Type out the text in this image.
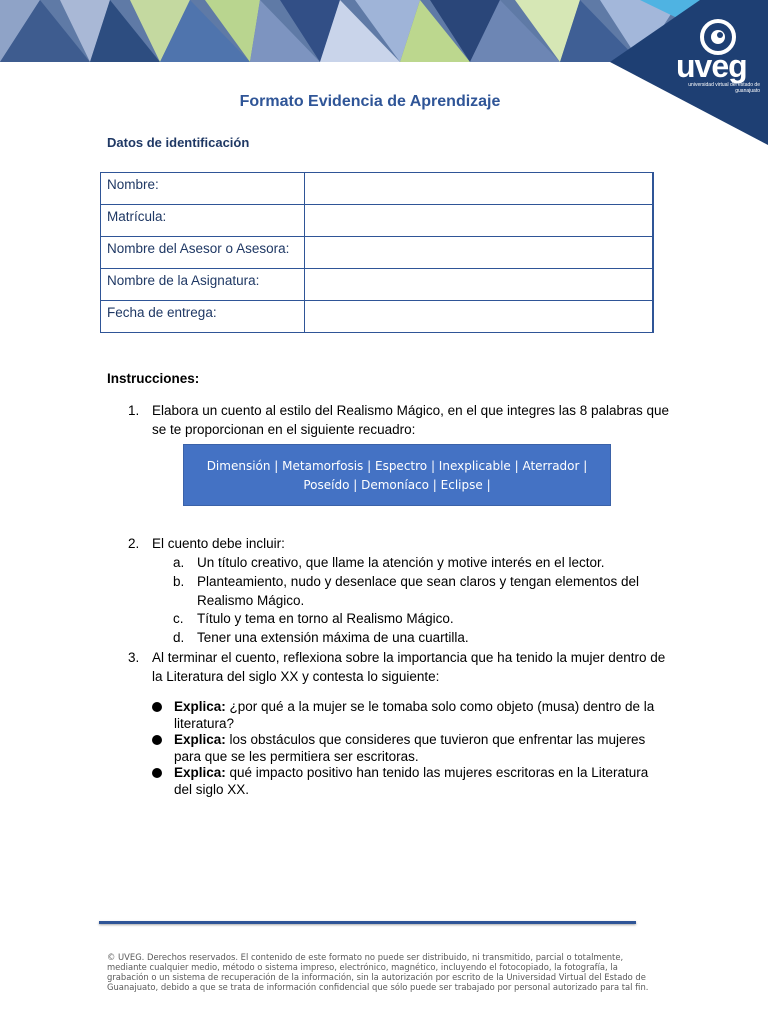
uveg
universidad virtual del estado de guanajuato
Formato Evidencia de Aprendizaje
Datos de identificación
Nombre:	
Matrícula:	
Nombre del Asesor o Asesora:	
Nombre de la Asignatura:	
Fecha de entrega:	
Instrucciones:
1. Elabora un cuento al estilo del Realismo Mágico, en el que integres las 8 palabras que se te proporcionan en el siguiente recuadro:
Dimensión | Metamorfosis | Espectro | Inexplicable | Aterrador |
Poseído | Demoníaco | Eclipse |
2. El cuento debe incluir:
a. Un título creativo, que llame la atención y motive interés en el lector.
b. Planteamiento, nudo y desenlace que sean claros y tengan elementos del Realismo Mágico.
c. Título y tema en torno al Realismo Mágico.
d. Tener una extensión máxima de una cuartilla.
3. Al terminar el cuento, reflexiona sobre la importancia que ha tenido la mujer dentro de la Literatura del siglo XX y contesta lo siguiente:
Explica: ¿por qué a la mujer se le tomaba solo como objeto (musa) dentro de la literatura?
Explica: los obstáculos que consideres que tuvieron que enfrentar las mujeres para que se les permitiera ser escritoras.
Explica: qué impacto positivo han tenido las mujeres escritoras en la Literatura del siglo XX.
© UVEG. Derechos reservados. El contenido de este formato no puede ser distribuido, ni transmitido, parcial o totalmente, mediante cualquier medio, método o sistema impreso, electrónico, magnético, incluyendo el fotocopiado, la fotografía, la grabación o un sistema de recuperación de la información, sin la autorización por escrito de la Universidad Virtual del Estado de Guanajuato, debido a que se trata de información confidencial que sólo puede ser trabajado por personal autorizado para tal fin.
